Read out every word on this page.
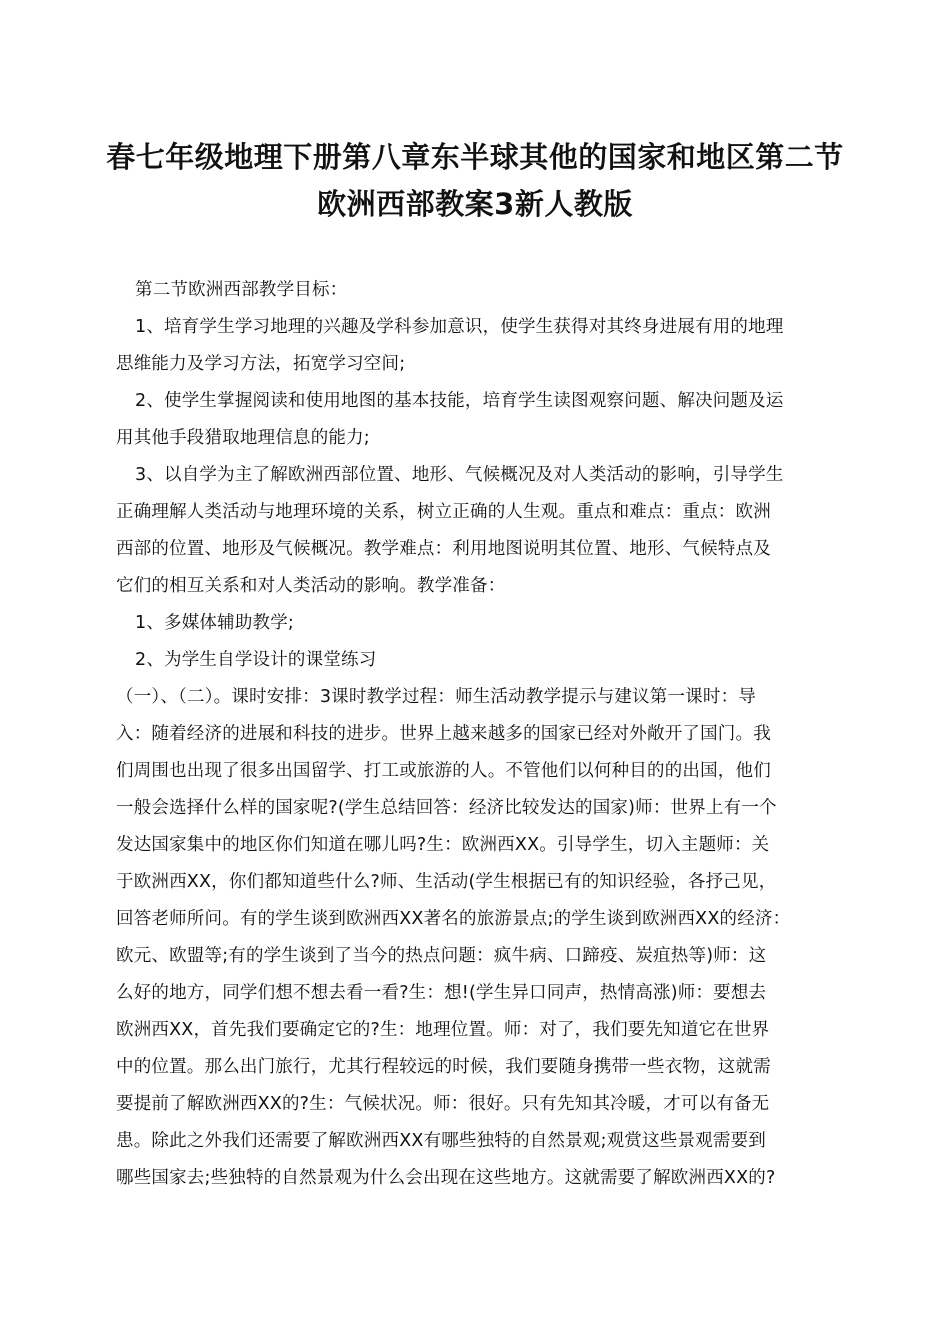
春七年级地理下册第八章东半球其他的国家和地区第二节
欧洲西部教案3新人教版
第二节欧洲西部教学目标：
1、培育学生学习地理的兴趣及学科参加意识，使学生获得对其终身进展有用的地理
思维能力及学习方法，拓宽学习空间;
2、使学生掌握阅读和使用地图的基本技能，培育学生读图观察问题、解决问题及运
用其他手段猎取地理信息的能力;
3、以自学为主了解欧洲西部位置、地形、气候概况及对人类活动的影响，引导学生
正确理解人类活动与地理环境的关系，树立正确的人生观。重点和难点：重点：欧洲
西部的位置、地形及气候概况。教学难点：利用地图说明其位置、地形、气候特点及
它们的相互关系和对人类活动的影响。教学准备：
1、多媒体辅助教学;
2、为学生自学设计的课堂练习
（一）、（二）。课时安排：3课时教学过程：师生活动教学提示与建议第一课时：导
入：随着经济的进展和科技的进步。世界上越来越多的国家已经对外敞开了国门。我
们周围也出现了很多出国留学、打工或旅游的人。不管他们以何种目的的出国，他们
一般会选择什么样的国家呢?(学生总结回答：经济比较发达的国家)师：世界上有一个
发达国家集中的地区你们知道在哪儿吗?生：欧洲西XX。引导学生，切入主题师：关
于欧洲西XX，你们都知道些什么?师、生活动(学生根据已有的知识经验，各抒己见，
回答老师所问。有的学生谈到欧洲西XX著名的旅游景点;的学生谈到欧洲西XX的经济：
欧元、欧盟等;有的学生谈到了当今的热点问题：疯牛病、口蹄疫、炭疽热等)师：这
么好的地方，同学们想不想去看一看?生：想!(学生异口同声，热情高涨)师：要想去
欧洲西XX，首先我们要确定它的?生：地理位置。师：对了，我们要先知道它在世界
中的位置。那么出门旅行，尤其行程较远的时候，我们要随身携带一些衣物，这就需
要提前了解欧洲西XX的?生：气候状况。师：很好。只有先知其冷暖，才可以有备无
患。除此之外我们还需要了解欧洲西XX有哪些独特的自然景观;观赏这些景观需要到
哪些国家去;些独特的自然景观为什么会出现在这些地方。这就需要了解欧洲西XX的?
